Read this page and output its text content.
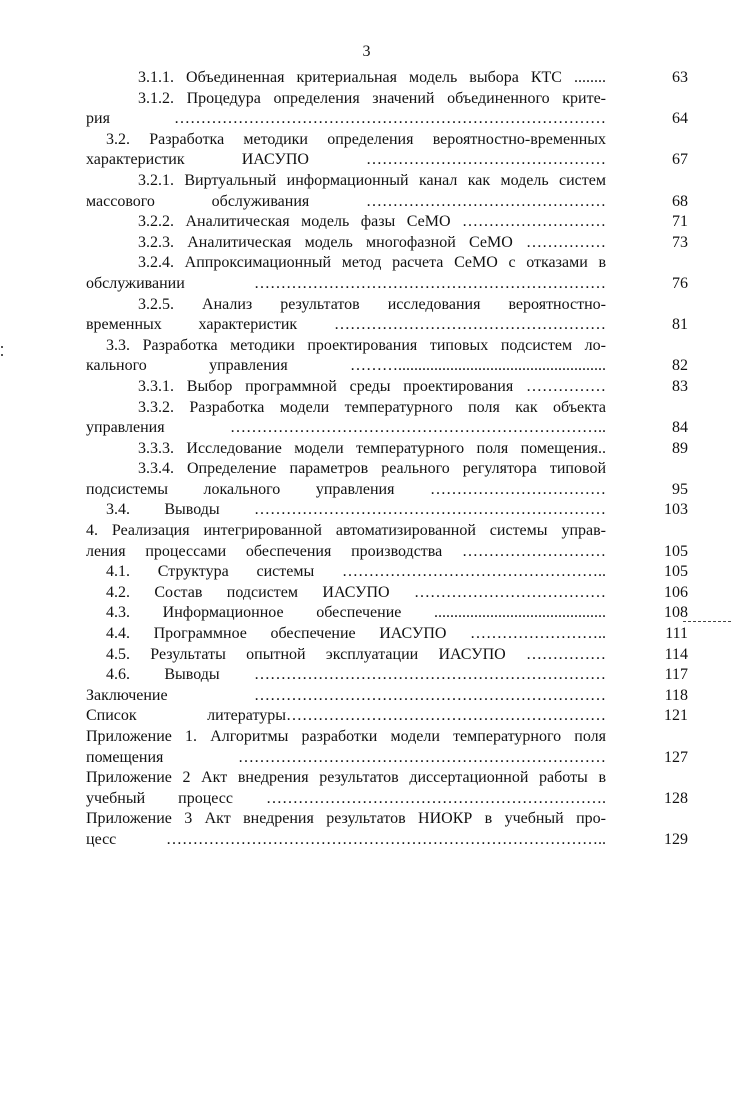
3
3.1.1. Объединенная критериальная модель выбора КТС ........	63
3.1.2. Процедура определения значений объединенного крите-
рия ………………………………………………………………………	64
3.2. Разработка методики определения вероятностно-временных
характеристик ИАСУПО ………………………………………	67
3.2.1. Виртуальный информационный канал как модель систем
массового обслуживания ………………………………………	68
3.2.2. Аналитическая модель фазы СеМО ………………………	71
3.2.3. Аналитическая модель многофазной СеМО ……………	73
3.2.4. Аппроксимационный метод расчета СеМО с отказами в
обслуживании …………………………………………………………	76
3.2.5. Анализ результатов исследования вероятностно-
временных характеристик ……………………………………………	81
3.3. Разработка методики проектирования типовых подсистем ло-
кального управления ………....................................................	82
3.3.1. Выбор программной среды проектирования ……………	83
3.3.2. Разработка модели температурного поля как объекта
управления ……………………………………………………………..	84
3.3.3. Исследование модели температурного поля помещения..	89
3.3.4. Определение параметров реального регулятора типовой
подсистемы локального управления ……………………………	95
3.4. Выводы …………………………………………………………	103
4. Реализация интегрированной автоматизированной системы управ-
ления процессами обеспечения производства ………………………	105
4.1. Структура системы …………………………………………..	105
4.2. Состав подсистем ИАСУПО ………………………………	106
4.3. Информационное обеспечение ...........................................	108
4.4. Программное обеспечение ИАСУПО ……………………..	111
4.5. Результаты опытной эксплуатации ИАСУПО ……………	114
4.6. Выводы …………………………………………………………	117
Заключение …………………………………………………………	118
Список литературы……………………………………………………	121
Приложение 1. Алгоритмы разработки модели температурного поля
помещения ……………………………………………………………	127
Приложение 2 Акт внедрения результатов диссертационной работы в
учебный процесс ……………………………………………………….	128
Приложение 3 Акт внедрения результатов НИОКР в учебный про-
цесс ………………………………………………………………………..	129
